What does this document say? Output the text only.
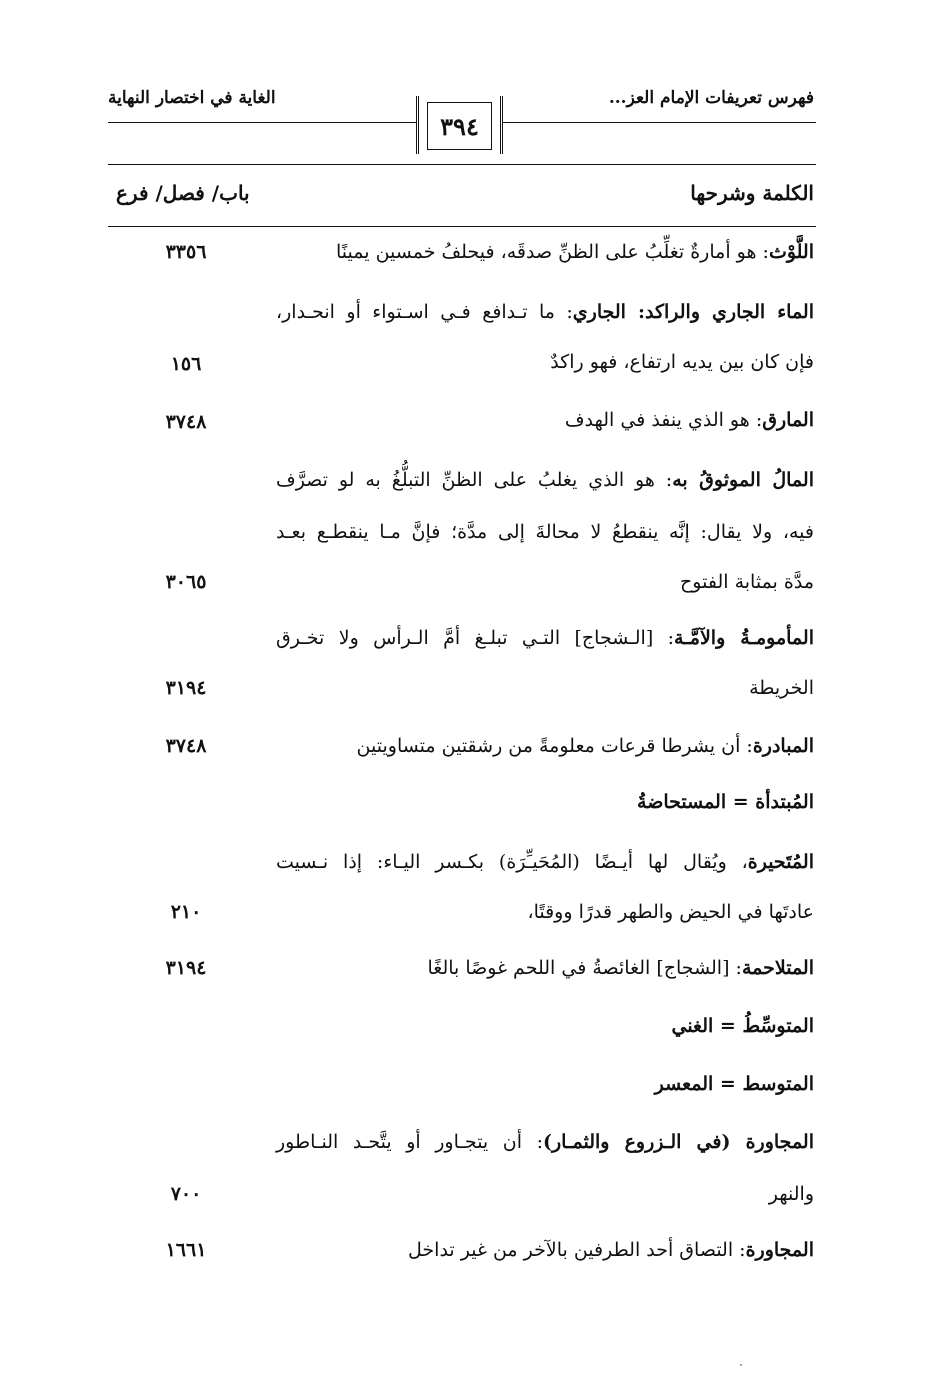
فهرس تعريفات الإمام العز...
الغاية في اختصار النهاية
٣٩٤
الكلمة وشرحها
باب/ فصل/ فرع
اللَّوْث: هو أمارةٌ تغلِّبُ على الظنِّ صدقَه، فيحلفُ خمسين يمينًا
٣٣٥٦
الماء الجاري والراكد: الجاري: ما تـدافع فـي اسـتواء أو انحـدار،
فإن كان بين يديه ارتفاع، فهو راكدٌ
١٥٦
المارق: هو الذي ينفذ في الهدف
٣٧٤٨
المالُ الموثوقُ به: هو الذي يغلبُ على الظنِّ التبلُّغُ به لو تصرَّف
فيه، ولا يقال: إنَّه ينقطعُ لا محالةَ إلى مدَّة؛ فإنَّ مـا ينقطـع بعـد
مدَّة بمثابة الفتوح
٣٠٦٥
المأمومـةُ والآمَّـة: [الـشجاج] التـي تبلـغ أمَّ الـرأس ولا تخـرق
الخريطة
٣١٩٤
المبادرة: أن يشرطا قرعات معلومةً من رشقتين متساويتين
٣٧٤٨
المُبتدأة = المستحاضةُ
المُتَحيرة، ويُقال لها أيـضًا (المُحَيـِّرَة) بكـسر اليـاء: إذا نـسيت
عادتَها في الحيض والطهر قدرًا ووقتًا،
٢١٠
المتلاحمة: [الشجاج] الغائصةُ في اللحم غوصًا بالغًا
٣١٩٤
المتوسِّطُ = الغني
المتوسط = المعسر
المجاورة (في الـزروع والثمـار): أن يتجـاور أو يتَّحـد النـاطور
والنهر
٧٠٠
المجاورة: التصاق أحد الطرفين بالآخر من غير تداخل
١٦٦١
